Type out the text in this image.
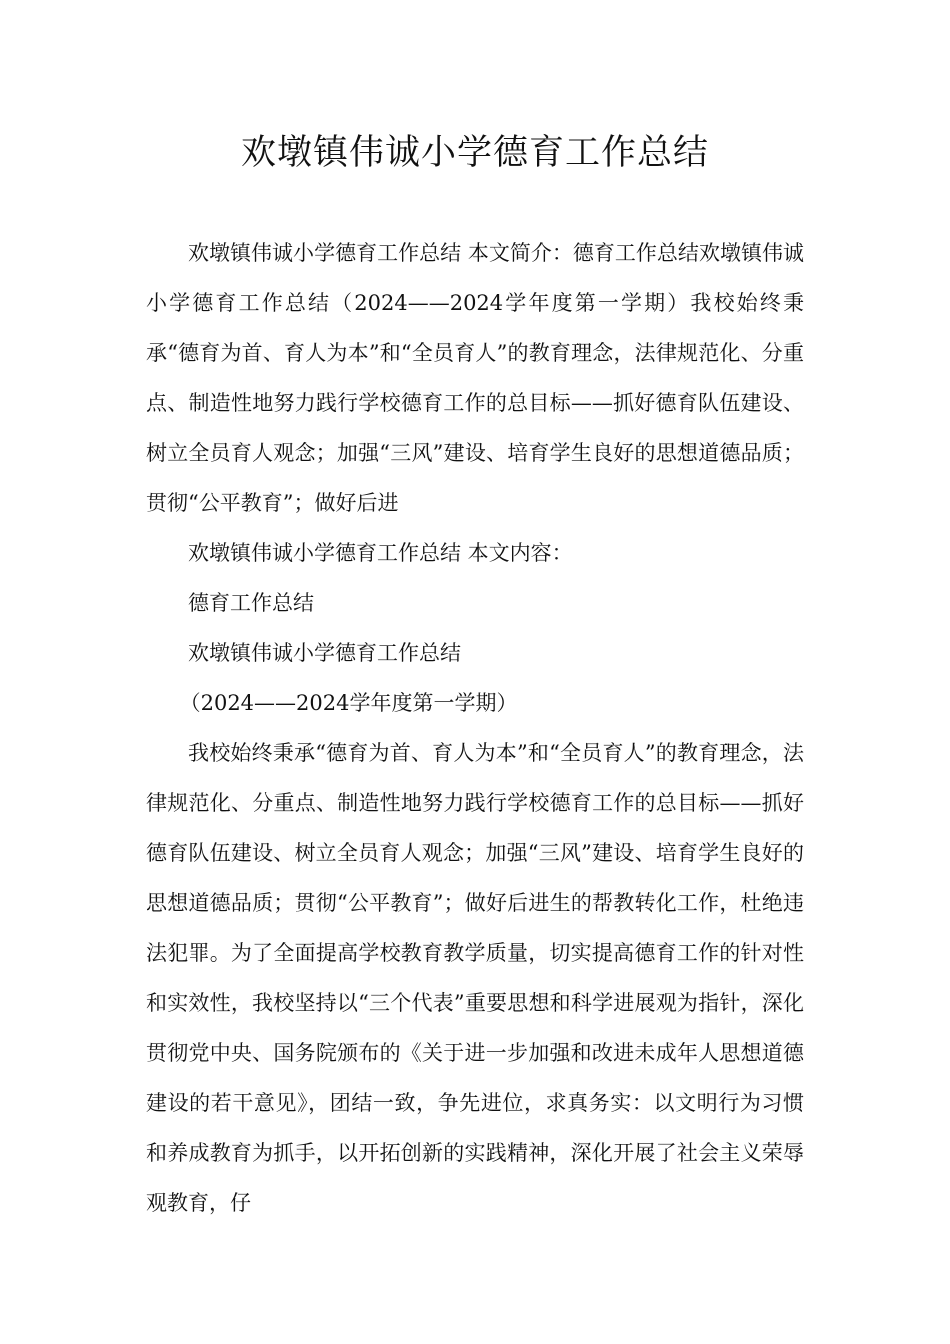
欢墩镇伟诚小学德育工作总结

欢墩镇伟诚小学德育工作总结 本文简介：德育工作总结欢墩镇伟诚小学德育工作总结（2024——2024学年度第一学期）我校始终秉承“德育为首、育人为本”和“全员育人”的教育理念，法律规范化、分重点、制造性地努力践行学校德育工作的总目标——抓好德育队伍建设、树立全员育人观念；加强“三风”建设、培育学生良好的思想道德品质；贯彻“公平教育”；做好后进

欢墩镇伟诚小学德育工作总结 本文内容：

德育工作总结

欢墩镇伟诚小学德育工作总结

（2024——2024学年度第一学期）

我校始终秉承“德育为首、育人为本”和“全员育人”的教育理念，法律规范化、分重点、制造性地努力践行学校德育工作的总目标——抓好德育队伍建设、树立全员育人观念；加强“三风”建设、培育学生良好的思想道德品质；贯彻“公平教育”；做好后进生的帮教转化工作，杜绝违法犯罪。为了全面提高学校教育教学质量，切实提高德育工作的针对性和实效性，我校坚持以“三个代表”重要思想和科学进展观为指针，深化贯彻党中央、国务院颁布的《关于进一步加强和改进未成年人思想道德建设的若干意见》，团结一致，争先进位，求真务实：以文明行为习惯和养成教育为抓手，以开拓创新的实践精神，深化开展了社会主义荣辱观教育，仔
